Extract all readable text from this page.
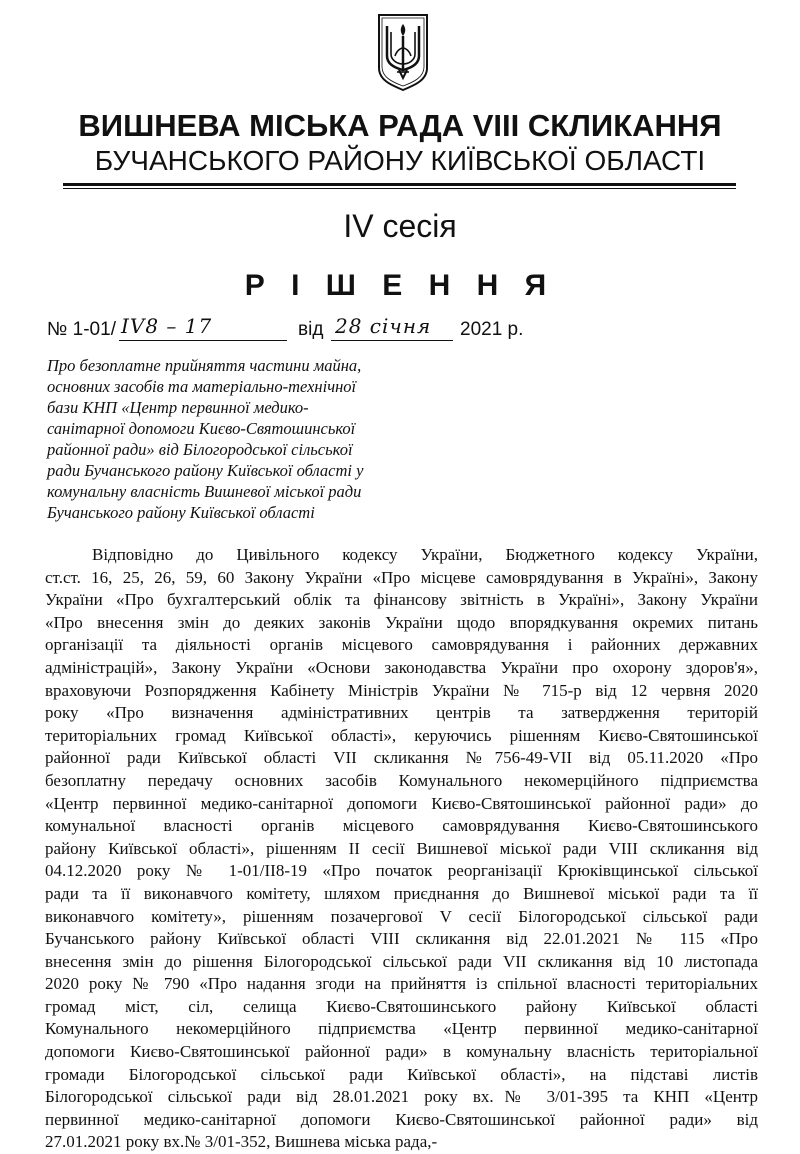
ВИШНЕВА МІСЬКА РАДА VIII СКЛИКАННЯ
БУЧАНСЬКОГО РАЙОНУ КИЇВСЬКОЇ ОБЛАСТІ
IV сесія
Р І Ш Е Н Н Я
№ 1-01/ IV8 – 17	від 28 січня 2021 р.
Про безоплатне прийняття частини майна,
основних засобів та матеріально-технічної
бази КНП «Центр первинної медико-
санітарної допомоги Києво-Святошинської
районної ради» від Білогородської сільської
ради Бучанського району Київської області у
комунальну власність Вишневої міської ради
Бучанського району Київської області
Відповідно до Цивільного кодексу України, Бюджетного кодексу України,
ст.ст. 16, 25, 26, 59, 60 Закону України «Про місцеве самоврядування в Україні», Закону
України «Про бухгалтерський облік та фінансову звітність в Україні», Закону України
«Про внесення змін до деяких законів України щодо впорядкування окремих питань
організації та діяльності органів місцевого самоврядування і районних державних
адміністрацій», Закону України «Основи законодавства України про охорону здоров'я»,
враховуючи Розпорядження Кабінету Міністрів України № 715-р від 12 червня 2020
року «Про визначення адміністративних центрів та затвердження територій
територіальних громад Київської області», керуючись рішенням Києво-Святошинської
районної ради Київської області VII скликання №756-49-VII від 05.11.2020 «Про
безоплатну передачу основних засобів Комунального некомерційного підприємства
«Центр первинної медико-санітарної допомоги Києво-Святошинської районної ради» до
комунальної власності органів місцевого самоврядування Києво-Святошинського
району Київської області», рішенням II сесії Вишневої міської ради VIII скликання від
04.12.2020 року № 1-01/II8-19 «Про початок реорганізації Крюківщинської сільської
ради та її виконавчого комітету, шляхом приєднання до Вишневої міської ради та її
виконавчого комітету», рішенням позачергової V сесії Білогородської сільської ради
Бучанського району Київської області VIII скликання від 22.01.2021 № 115 «Про
внесення змін до рішення Білогородської сільської ради VII скликання від 10 листопада
2020 року № 790 «Про надання згоди на прийняття із спільної власності територіальних
громад міст, сіл, селища Києво-Святошинського району Київської області
Комунального некомерційного підприємства «Центр первинної медико-санітарної
допомоги Києво-Святошинської районної ради» в комунальну власність територіальної
громади Білогородської сільської ради Київської області», на підставі листів
Білогородської сільської ради від 28.01.2021 року вх.№ 3/01-395 та КНП «Центр
первинної медико-санітарної допомоги Києво-Святошинської районної ради» від
27.01.2021 року вх.№ 3/01-352, Вишнева міська рада,-
